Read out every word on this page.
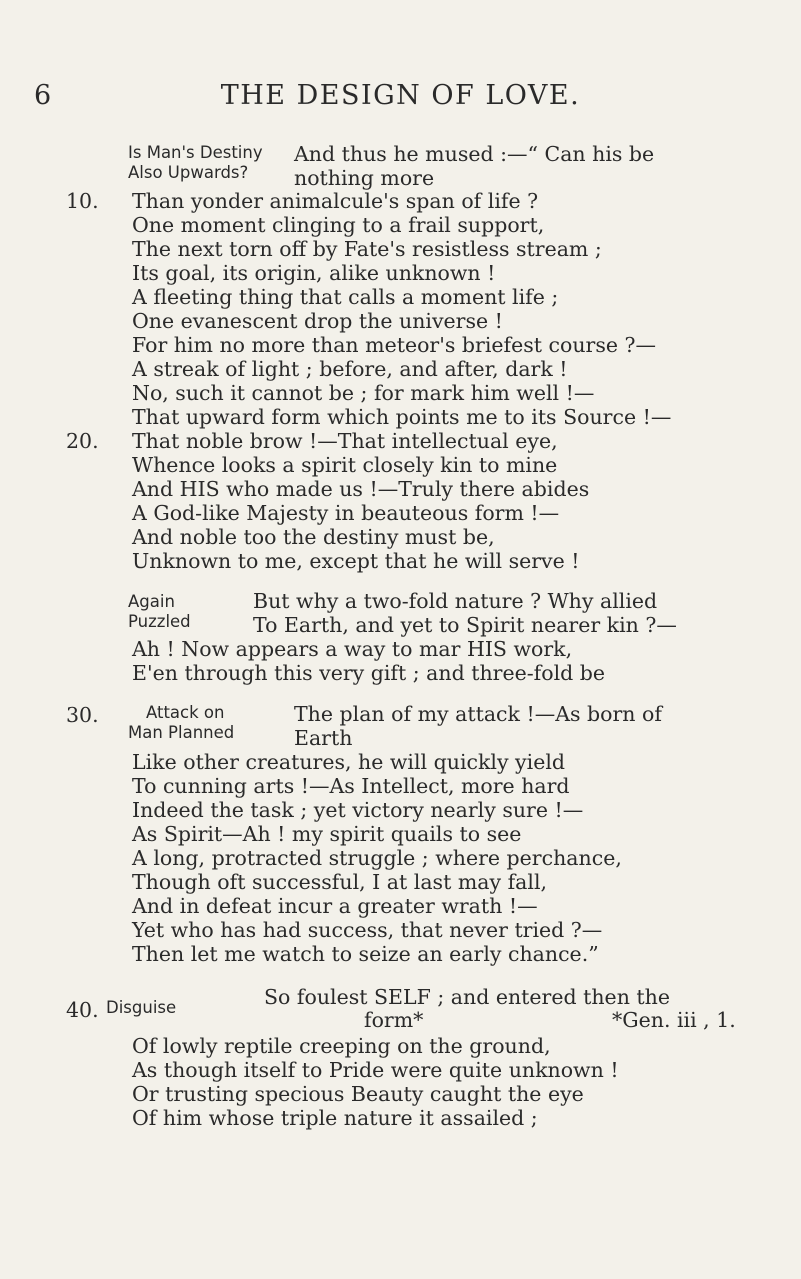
6	THE DESIGN OF LOVE.
Is Man's Destiny
Also Upwards?
And thus he mused :—“ Can his be
nothing more
10. Than yonder animalcule's span of life ?
One moment clinging to a frail support,
The next torn off by Fate's resistless stream ;
Its goal, its origin, alike unknown !
A fleeting thing that calls a moment life ;
One evanescent drop the universe !
For him no more than meteor's briefest course ?—
A streak of light ; before, and after, dark !
No, such it cannot be ; for mark him well !—
That upward form which points me to its Source !—
20. That noble brow !—That intellectual eye,
Whence looks a spirit closely kin to mine
And HIS who made us !—Truly there abides
A God-like Majesty in beauteous form !—
And noble too the destiny must be,
Unknown to me, except that he will serve !
Again
Puzzled
But why a two-fold nature ? Why allied
To Earth, and yet to Spirit nearer kin ?—
Ah ! Now appears a way to mar HIS work,
E'en through this very gift ; and three-fold be
30.	Attack on
Man Planned
The plan of my attack !—As born of
Earth
Like other creatures, he will quickly yield
To cunning arts !—As Intellect, more hard
Indeed the task ; yet victory nearly sure !—
As Spirit—Ah ! my spirit quails to see
A long, protracted struggle ; where perchance,
Though oft successful, I at last may fall,
And in defeat incur a greater wrath !—
Yet who has had success, that never tried ?—
Then let me watch to seize an early chance.”
40. Disguise	So foulest SELF ; and entered then the
form*	*Gen. iii , 1.
Of lowly reptile creeping on the ground,
As though itself to Pride were quite unknown !
Or trusting specious Beauty caught the eye
Of him whose triple nature it assailed ;
